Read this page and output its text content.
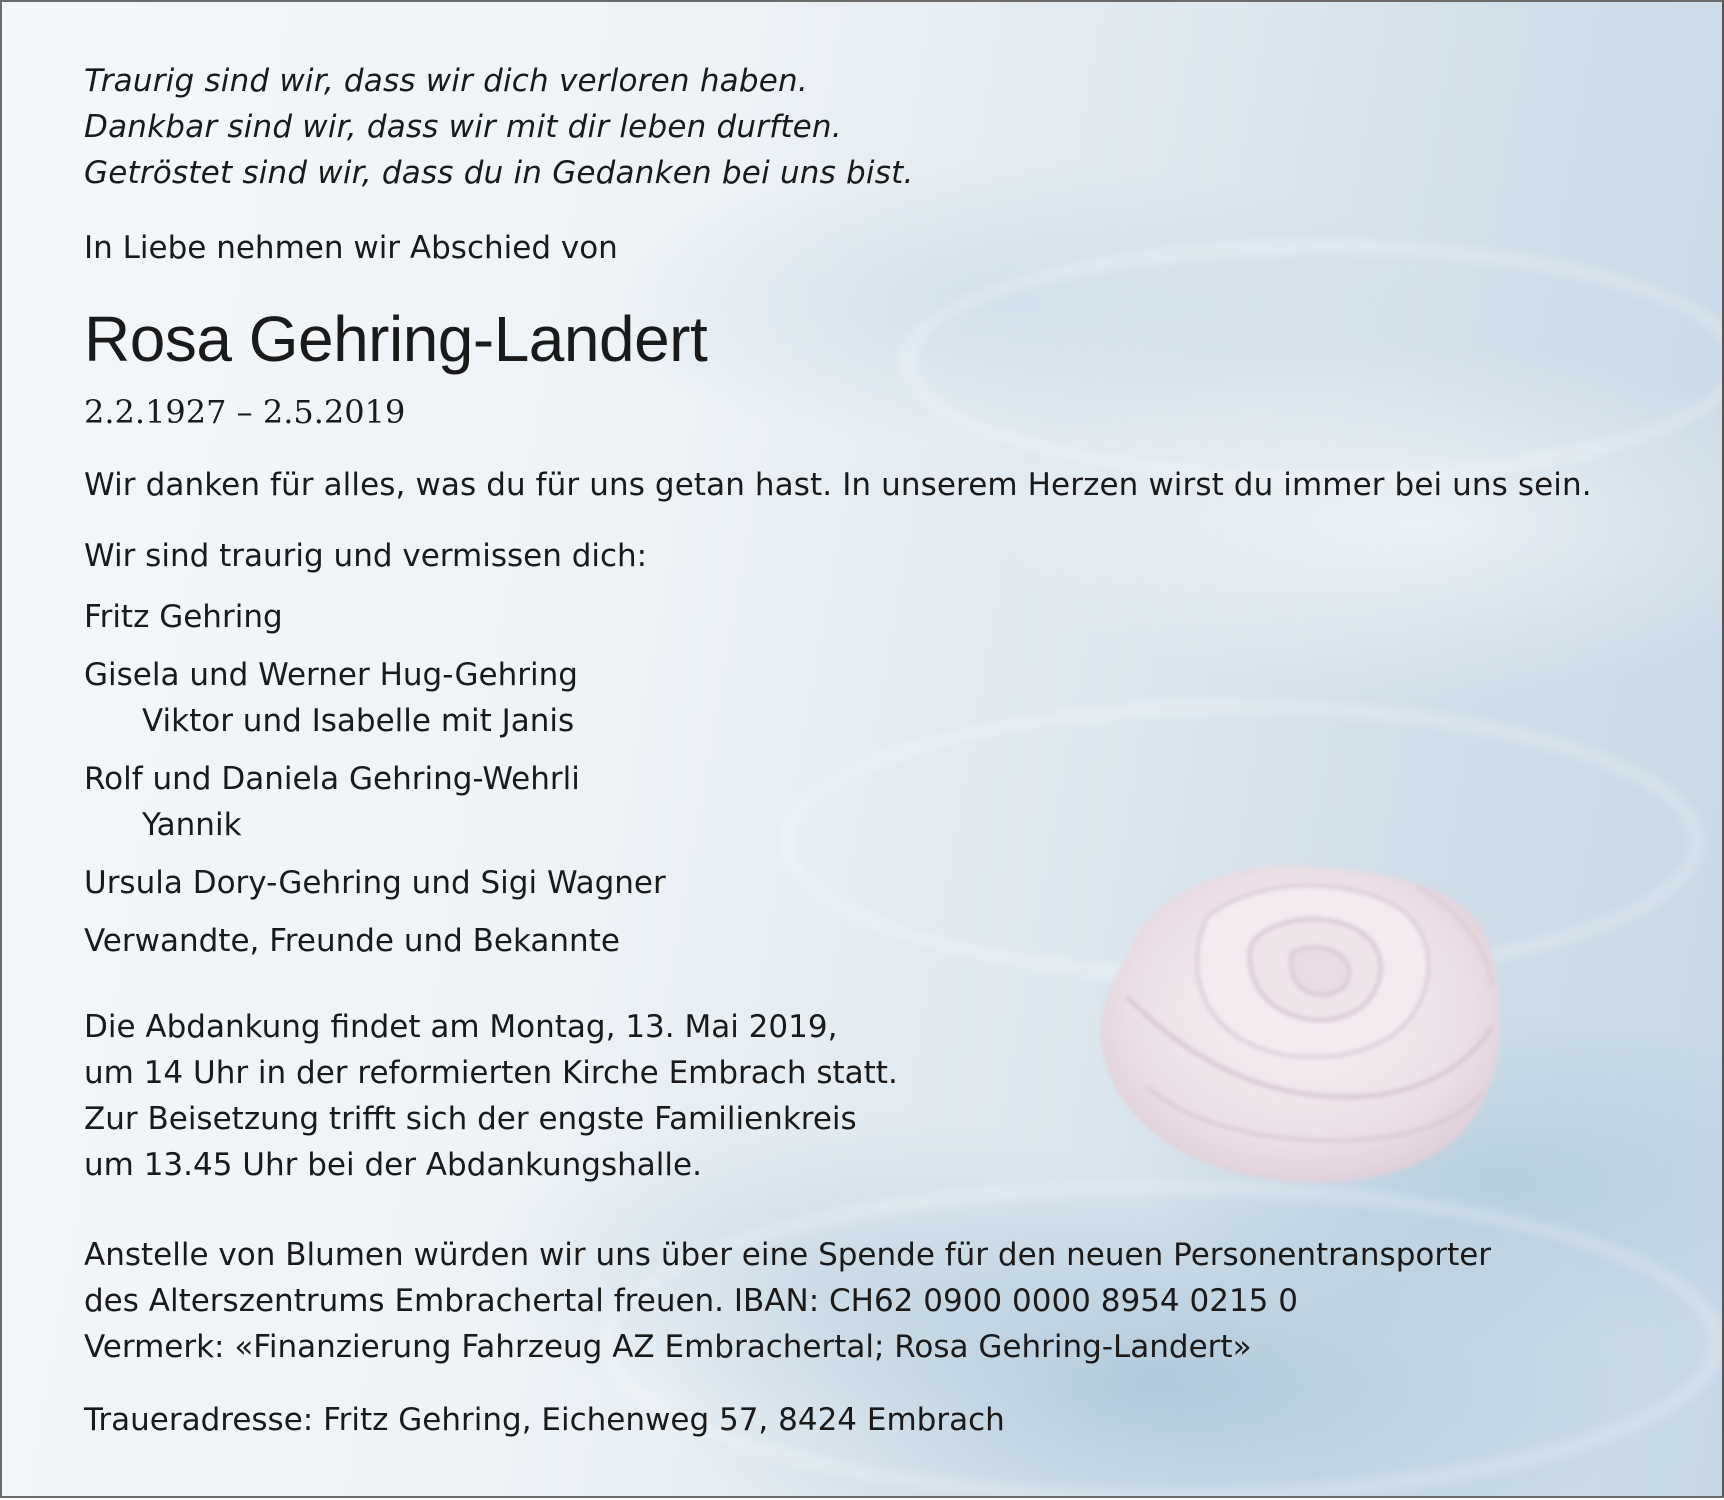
Traurig sind wir, dass wir dich verloren haben.
Dankbar sind wir, dass wir mit dir leben durften.
Getröstet sind wir, dass du in Gedanken bei uns bist.
In Liebe nehmen wir Abschied von
Rosa Gehring-Landert
2.2.1927 – 2.5.2019
Wir danken für alles, was du für uns getan hast. In unserem Herzen wirst du immer bei uns sein.
Wir sind traurig und vermissen dich:
Fritz Gehring
Gisela und Werner Hug-Gehring
Viktor und Isabelle mit Janis
Rolf und Daniela Gehring-Wehrli
Yannik
Ursula Dory-Gehring und Sigi Wagner
Verwandte, Freunde und Bekannte
Die Abdankung findet am Montag, 13. Mai 2019,
um 14 Uhr in der reformierten Kirche Embrach statt.
Zur Beisetzung trifft sich der engste Familienkreis
um 13.45 Uhr bei der Abdankungshalle.
Anstelle von Blumen würden wir uns über eine Spende für den neuen Personentransporter
des Alterszentrums Embrachertal freuen. IBAN: CH62 0900 0000 8954 0215 0
Vermerk: «Finanzierung Fahrzeug AZ Embrachertal; Rosa Gehring-Landert»
Traueradresse: Fritz Gehring, Eichenweg 57, 8424 Embrach
